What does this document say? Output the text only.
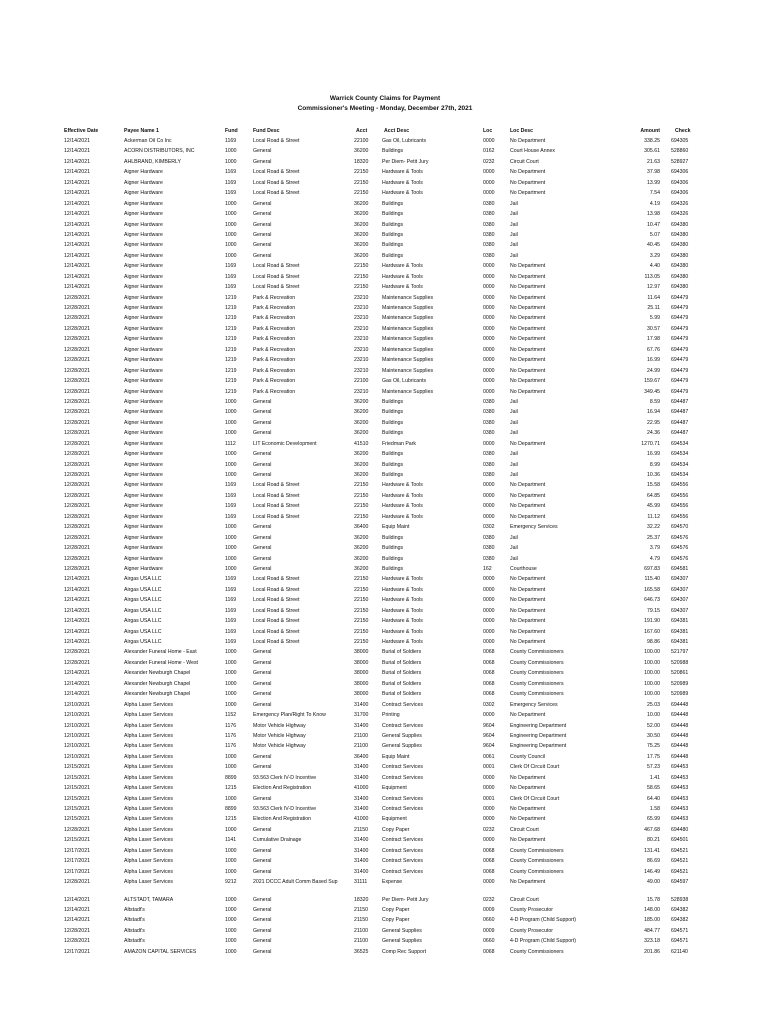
Warrick County Claims for Payment
Commissioner's Meeting - Monday, December 27th, 2021
Effective Date	Payee Name 1	Fund	Fund Desc	Acct	Acct Desc	Loc	Loc Desc	Amount	Check
12/14/2021	Ackerman Oil Co Inc	1169	Local Road & Street	22100	Gas Oil, Lubricants	0000	No Department	338.25 694305
12/14/2021	ACORN DISTRIBUTORS, INC	1000	General	36200	Buildings	0162	Court House Annex	305.61 528860
12/14/2021	AHLBRAND, KIMBERLY	1000	General	18320	Per Diem- Petit Jury	0232	Circuit Court	21.63 528927
12/14/2021	Aigner Hardware	1169	Local Road & Street	22150	Hardware & Tools	0000	No Department	37.98 694306
12/14/2021	Aigner Hardware	1169	Local Road & Street	22150	Hardware & Tools	0000	No Department	13.99 694306
12/14/2021	Aigner Hardware	1169	Local Road & Street	22150	Hardware & Tools	0000	No Department	7.54 694306
12/14/2021	Aigner Hardware	1000	General	36200	Buildings	0380	Jail	4.19 694326
12/14/2021	Aigner Hardware	1000	General	36200	Buildings	0380	Jail	13.98 694326
12/14/2021	Aigner Hardware	1000	General	36200	Buildings	0380	Jail	10.47 694380
12/14/2021	Aigner Hardware	1000	General	36200	Buildings	0380	Jail	5.07 694380
12/14/2021	Aigner Hardware	1000	General	36200	Buildings	0380	Jail	40.45 694380
12/14/2021	Aigner Hardware	1000	General	36200	Buildings	0380	Jail	3.29 694380
12/14/2021	Aigner Hardware	1169	Local Road & Street	22150	Hardware & Tools	0000	No Department	4.40 694380
12/14/2021	Aigner Hardware	1169	Local Road & Street	22150	Hardware & Tools	0000	No Department	113.05 694380
12/14/2021	Aigner Hardware	1169	Local Road & Street	22150	Hardware & Tools	0000	No Department	12.97 694380
12/28/2021	Aigner Hardware	1219	Park & Recreation	23210	Maintenance Supplies	0000	No Department	11.64 694479
12/28/2021	Aigner Hardware	1219	Park & Recreation	23210	Maintenance Supplies	0000	No Department	25.11 694479
12/28/2021	Aigner Hardware	1219	Park & Recreation	23210	Maintenance Supplies	0000	No Department	5.99 694479
12/28/2021	Aigner Hardware	1219	Park & Recreation	23210	Maintenance Supplies	0000	No Department	30.57 694479
12/28/2021	Aigner Hardware	1219	Park & Recreation	23210	Maintenance Supplies	0000	No Department	17.98 694479
12/28/2021	Aigner Hardware	1219	Park & Recreation	23210	Maintenance Supplies	0000	No Department	67.76 694479
12/28/2021	Aigner Hardware	1219	Park & Recreation	23210	Maintenance Supplies	0000	No Department	16.99 694479
12/28/2021	Aigner Hardware	1219	Park & Recreation	23210	Maintenance Supplies	0000	No Department	24.99 694479
12/28/2021	Aigner Hardware	1219	Park & Recreation	22100	Gas Oil, Lubricants	0000	No Department	159.67 694479
12/28/2021	Aigner Hardware	1219	Park & Recreation	23210	Maintenance Supplies	0000	No Department	349.45 694479
12/28/2021	Aigner Hardware	1000	General	36200	Buildings	0380	Jail	8.59 694487
12/28/2021	Aigner Hardware	1000	General	36200	Buildings	0380	Jail	16.94 694487
12/28/2021	Aigner Hardware	1000	General	36200	Buildings	0380	Jail	22.95 694487
12/28/2021	Aigner Hardware	1000	General	36200	Buildings	0380	Jail	24.36 694487
12/28/2021	Aigner Hardware	1112	LIT Economic Development	41510	Friedman Park	0000	No Department	1270.71 694534
12/28/2021	Aigner Hardware	1000	General	36200	Buildings	0380	Jail	16.99 694534
12/28/2021	Aigner Hardware	1000	General	36200	Buildings	0380	Jail	8.99 694534
12/28/2021	Aigner Hardware	1000	General	36200	Buildings	0380	Jail	10.36 694534
12/28/2021	Aigner Hardware	1169	Local Road & Street	22150	Hardware & Tools	0000	No Department	15.58 694556
12/28/2021	Aigner Hardware	1169	Local Road & Street	22150	Hardware & Tools	0000	No Department	64.85 694556
12/28/2021	Aigner Hardware	1169	Local Road & Street	22150	Hardware & Tools	0000	No Department	45.99 694556
12/28/2021	Aigner Hardware	1169	Local Road & Street	22150	Hardware & Tools	0000	No Department	11.12 694556
12/28/2021	Aigner Hardware	1000	General	36400	Equip Maint	0302	Emergency Services	32.22 694570
12/28/2021	Aigner Hardware	1000	General	36200	Buildings	0380	Jail	25.37 694576
12/28/2021	Aigner Hardware	1000	General	36200	Buildings	0380	Jail	3.79 694576
12/28/2021	Aigner Hardware	1000	General	36200	Buildings	0380	Jail	4.79 694576
12/28/2021	Aigner Hardware	1000	General	36200	Buildings	162	Courthouse	697.83 694581
12/14/2021	Airgas USA LLC	1169	Local Road & Street	22150	Hardware & Tools	0000	No Department	115.40 694307
12/14/2021	Airgas USA LLC	1169	Local Road & Street	22150	Hardware & Tools	0000	No Department	165.58 694307
12/14/2021	Airgas USA LLC	1169	Local Road & Street	22150	Hardware & Tools	0000	No Department	646.73 694307
12/14/2021	Airgas USA LLC	1169	Local Road & Street	22150	Hardware & Tools	0000	No Department	79.15 694307
12/14/2021	Airgas USA LLC	1169	Local Road & Street	22150	Hardware & Tools	0000	No Department	191.90 694381
12/14/2021	Airgas USA LLC	1169	Local Road & Street	22150	Hardware & Tools	0000	No Department	167.60 694381
12/14/2021	Airgas USA LLC	1169	Local Road & Street	22150	Hardware & Tools	0000	No Department	98.86 694381
12/28/2021	Alexander Funeral Home - East	1000	General	38000	Burial of Soldiers	0068	County Commissioners	100.00 521797
12/28/2021	Alexander Funeral Home - West	1000	General	38000	Burial of Soldiers	0068	County Commissioners	100.00 520988
12/14/2021	Alexander Newburgh Chapel	1000	General	38000	Burial of Soldiers	0068	County Commissioners	100.00 520861
12/14/2021	Alexander Newburgh Chapel	1000	General	38000	Burial of Soldiers	0068	County Commissioners	100.00 520989
12/14/2021	Alexander Newburgh Chapel	1000	General	38000	Burial of Soldiers	0068	County Commissioners	100.00 520989
12/10/2021	Alpha Laser Services	1000	General	31400	Contract Services	0302	Emergency Services	25.03 694448
12/10/2021	Alpha Laser Services	1152	Emergency Plan/Right To Know	31700	Printing	0000	No Department	10.00 694448
12/10/2021	Alpha Laser Services	1176	Motor Vehicle Highway	31400	Contract Services	9604	Engineering Department	52.00 694448
12/10/2021	Alpha Laser Services	1176	Motor Vehicle Highway	21100	General Supplies	9604	Engineering Department	30.50 694448
12/10/2021	Alpha Laser Services	1176	Motor Vehicle Highway	21100	General Supplies	9604	Engineering Department	75.25 694448
12/10/2021	Alpha Laser Services	1000	General	36400	Equip Maint	0061	County Council	17.75 694448
12/15/2021	Alpha Laser Services	1000	General	31400	Contract Services	0001	Clerk Of Circuit Court	57.23 694453
12/15/2021	Alpha Laser Services	8899	93.563 Clerk IV-D Incentive	31400	Contract Services	0000	No Department	1.41 694453
12/15/2021	Alpha Laser Services	1215	Election And Registration	41000	Equipment	0000	No Department	58.65 694453
12/15/2021	Alpha Laser Services	1000	General	31400	Contract Services	0001	Clerk Of Circuit Court	64.40 694453
12/15/2021	Alpha Laser Services	8899	93.563 Clerk IV-D Incentive	31400	Contract Services	0000	No Department	1.58 694453
12/15/2021	Alpha Laser Services	1215	Election And Registration	41000	Equipment	0000	No Department	65.99 694453
12/28/2021	Alpha Laser Services	1000	General	21150	Copy Paper	0232	Circuit Court	467.68 694480
12/15/2021	Alpha Laser Services	1141	Cumulative Drainage	31400	Contract Services	0000	No Department	80.21 694501
12/17/2021	Alpha Laser Services	1000	General	31400	Contract Services	0068	County Commissioners	131.41 694521
12/17/2021	Alpha Laser Services	1000	General	31400	Contract Services	0068	County Commissioners	86.69 694521
12/17/2021	Alpha Laser Services	1000	General	31400	Contract Services	0068	County Commissioners	146.49 694521
12/28/2021	Alpha Laser Services	9212	2021 DCCC Adult Comm Based Sup	31111	Expense	0000	No Department	49.00 694597
12/14/2021	ALTSTADT, TAMARA	1000	General	18320	Per Diem- Petit Jury	0232	Circuit Court	15.78 528938
12/14/2021	Altstadt's	1000	General	21150	Copy Paper	0009	County Prosecutor	148.00 694382
12/14/2021	Altstadt's	1000	General	21150	Copy Paper	0660	4-D Program (Child Support)	185.00 694382
12/28/2021	Altstadt's	1000	General	21100	General Supplies	0009	County Prosecutor	484.77 694571
12/28/2021	Altstadt's	1000	General	21100	General Supplies	0660	4-D Program (Child Support)	323.18 694571
12/17/2021	AMAZON CAPITAL SERVICES	1000	General	36525	Comp Rec Support	0068	County Commissioners	201.86 621140
